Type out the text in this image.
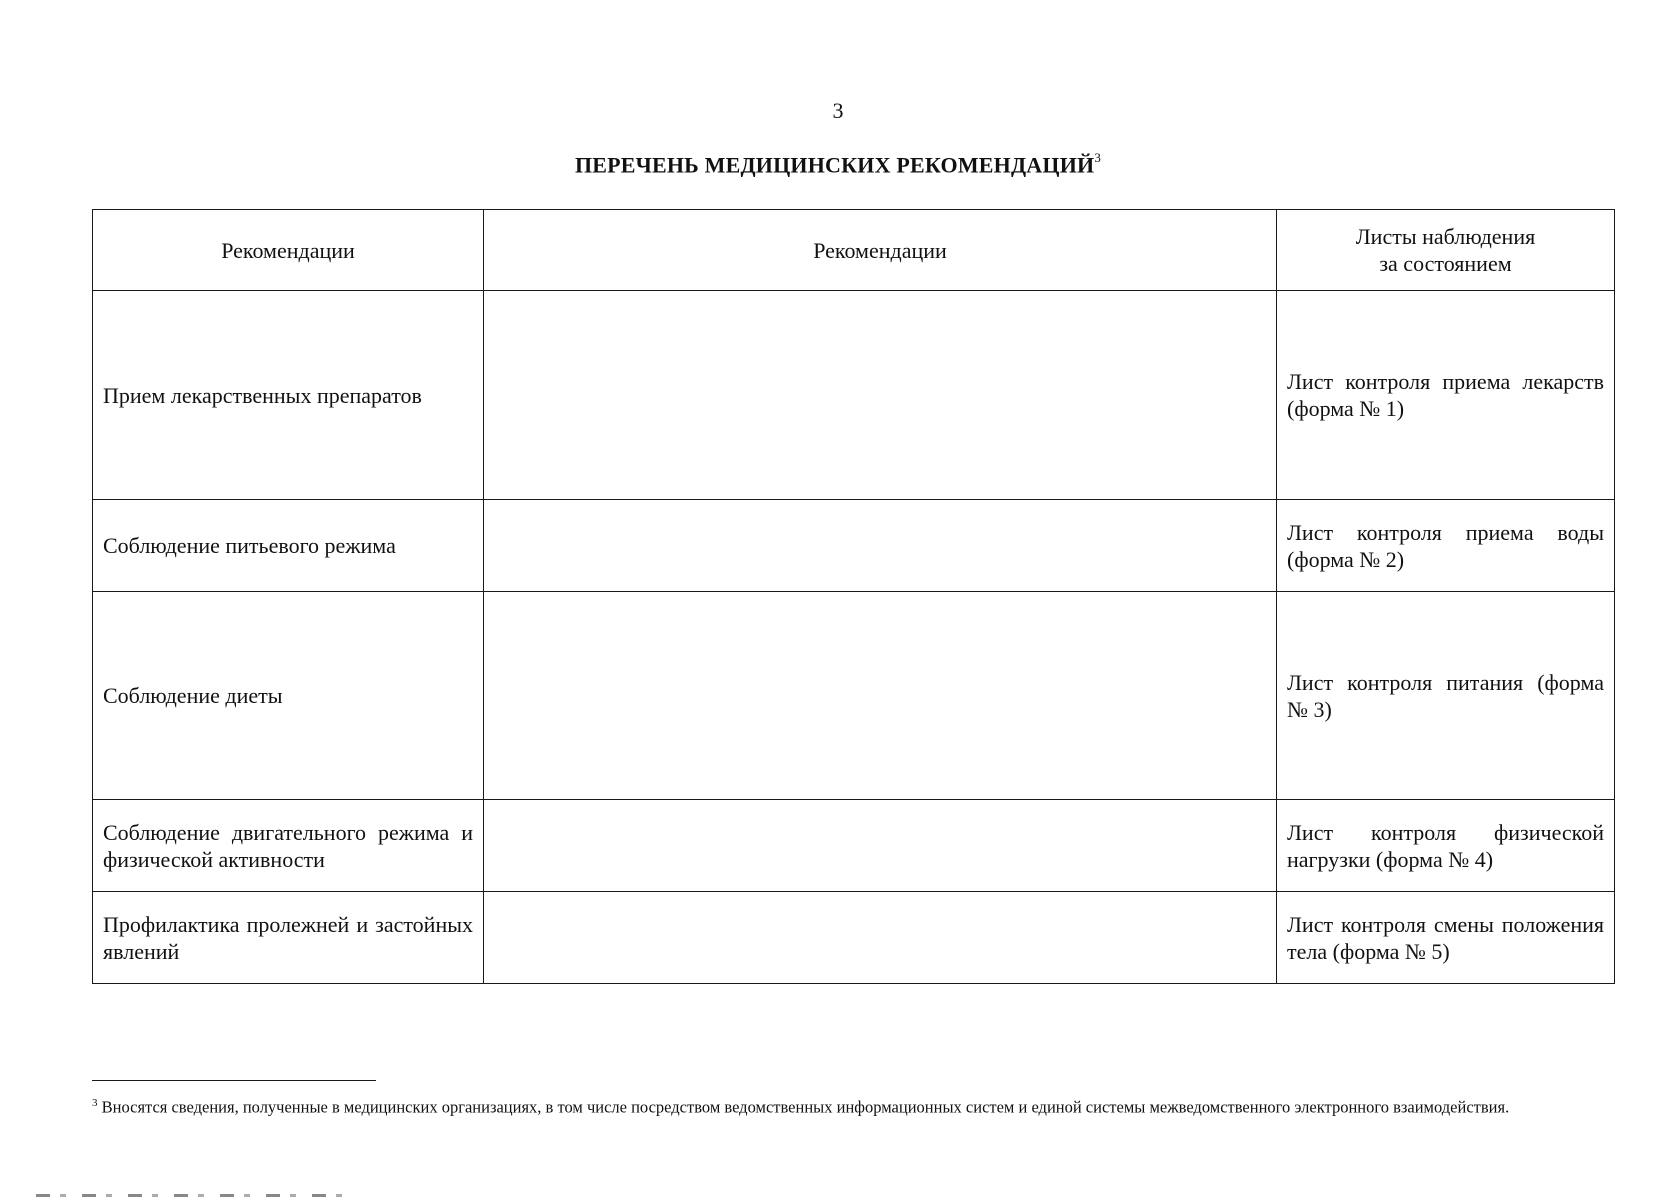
3
ПЕРЕЧЕНЬ МЕДИЦИНСКИХ РЕКОМЕНДАЦИЙ$^3$
Рекомендации	Рекомендации	Листы наблюдения
за состоянием

Прием лекарственных препаратов		Лист контроля приема лекарств (форма № 1)
Соблюдение питьевого режима		Лист контроля приема воды (форма № 2)
Соблюдение диеты		Лист контроля питания (форма № 3)
Соблюдение двигательного режима и физической активности		Лист контроля физической нагрузки (форма № 4)
Профилактика пролежней и застойных явлений		Лист контроля смены положения тела (форма № 5)
$^3$ Вносятся сведения, полученные в медицинских организациях, в том числе посредством ведомственных информационных систем и единой системы межведомственного электронного взаимодействия.
